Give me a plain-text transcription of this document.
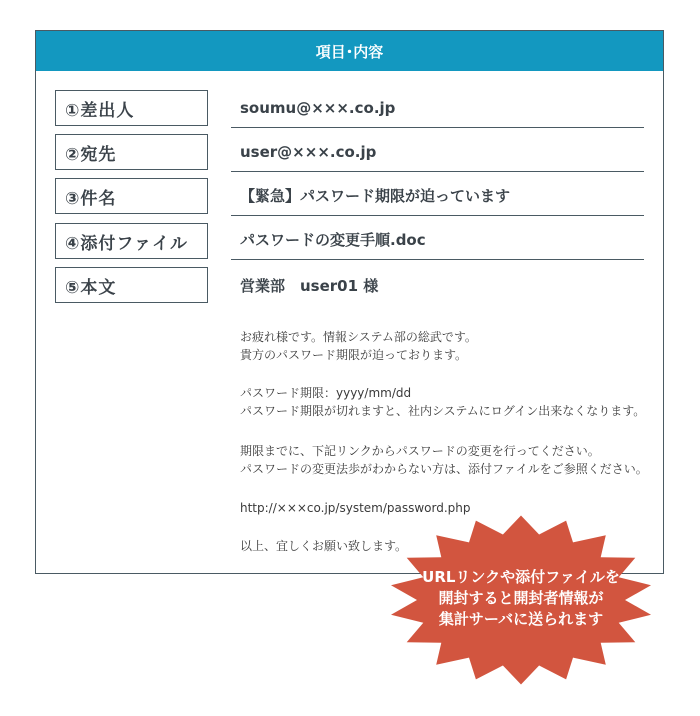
項目･内容
①差出人	soumu@×××.co.jp
②宛先	user@×××.co.jp
③件名	【緊急】パスワード期限が迫っています
④添付ファイル	パスワードの変更手順.doc
⑤本文	営業部　user01 様
お疲れ様です。情報システム部の総武です。
貴方のパスワード期限が迫っております。
パスワード期限：yyyy/mm/dd
パスワード期限が切れますと、社内システムにログイン出来なくなります。
期限までに、下記リンクからパスワードの変更を行ってください。
パスワードの変更法歩がわからない方は、添付ファイルをご参照ください。
http://×××co.jp/system/password.php
以上、宜しくお願い致します。
URLリンクや添付ファイルを
開封すると開封者情報が
集計サーバに送られます
